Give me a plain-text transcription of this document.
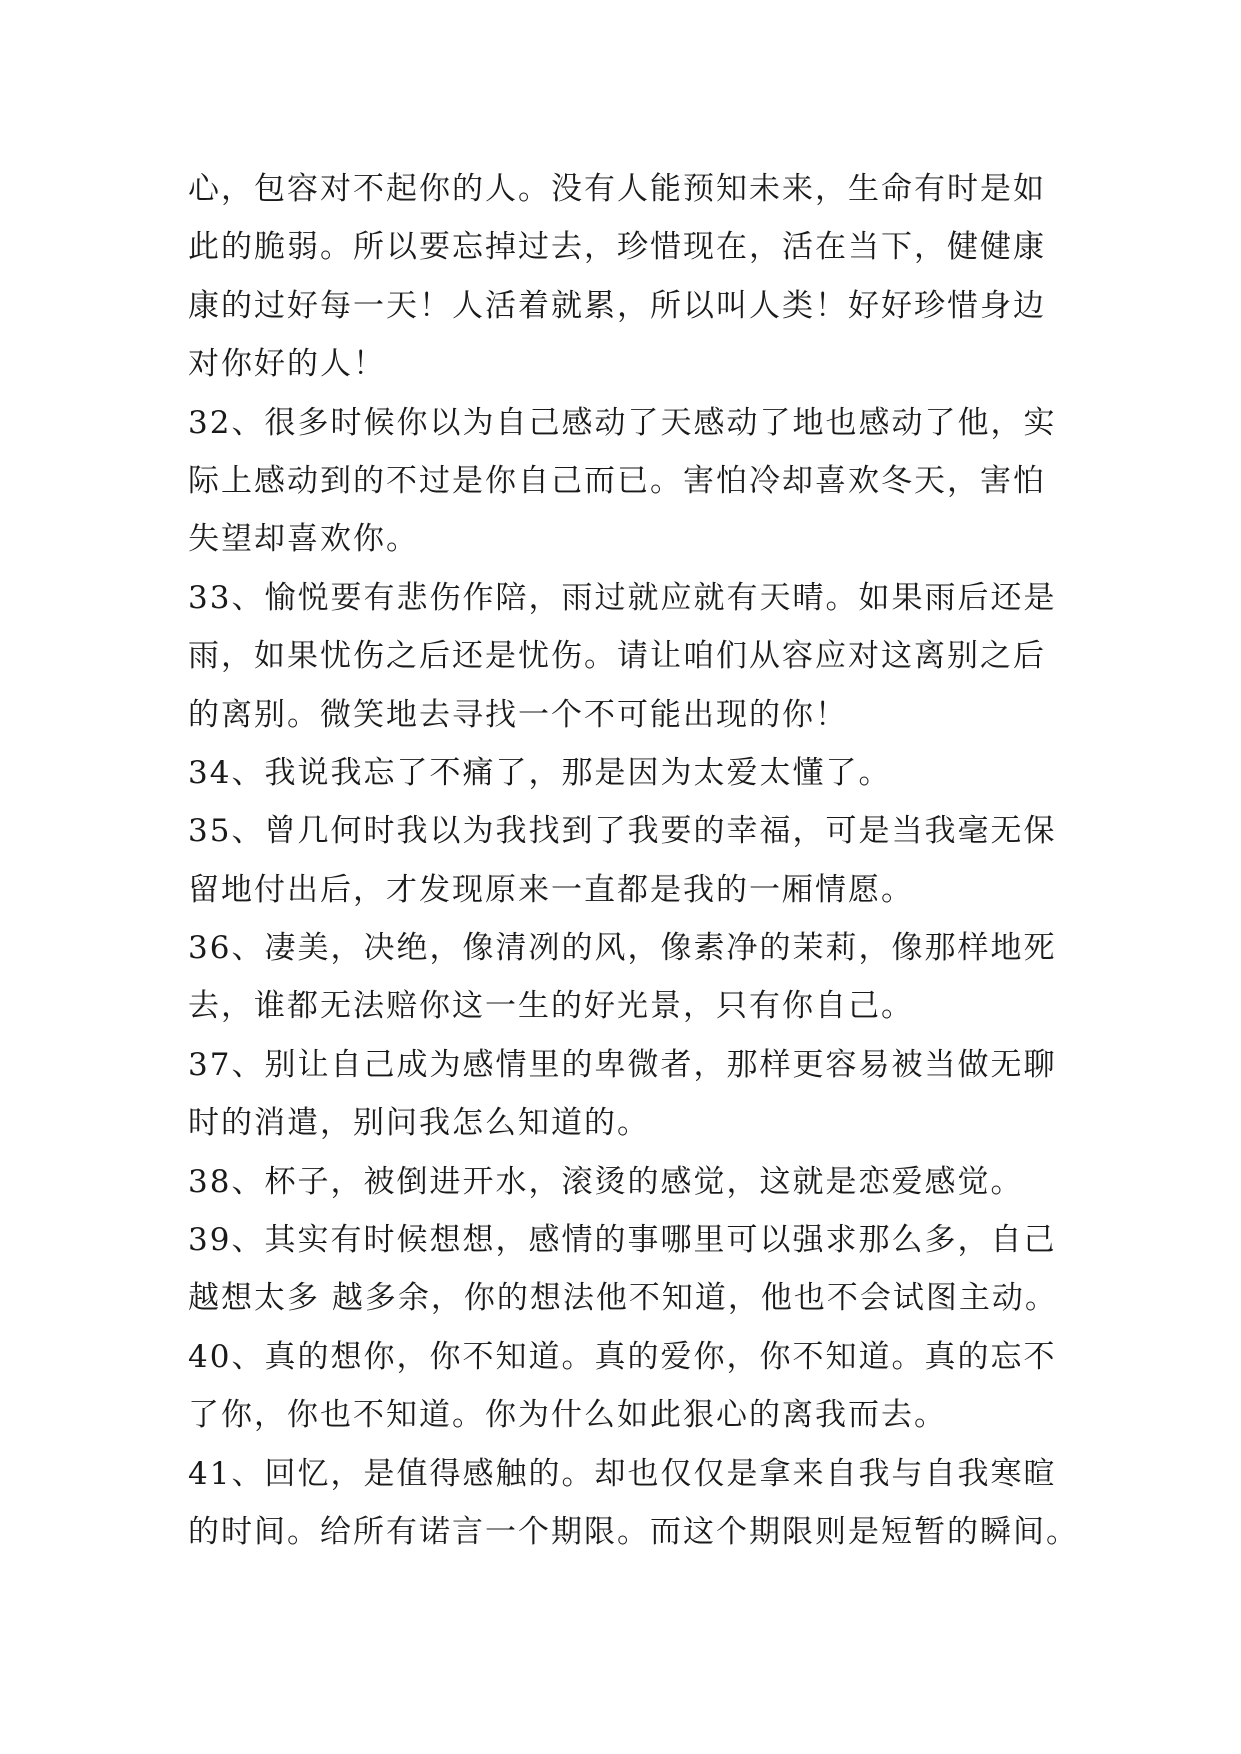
心，包容对不起你的人。没有人能预知未来，生命有时是如
此的脆弱。所以要忘掉过去，珍惜现在，活在当下，健健康
康的过好每一天！人活着就累，所以叫人类！好好珍惜身边
对你好的人！
32、很多时候你以为自己感动了天感动了地也感动了他，实
际上感动到的不过是你自己而已。害怕冷却喜欢冬天，害怕
失望却喜欢你。
33、愉悦要有悲伤作陪，雨过就应就有天晴。如果雨后还是
雨，如果忧伤之后还是忧伤。请让咱们从容应对这离别之后
的离别。微笑地去寻找一个不可能出现的你！
34、我说我忘了不痛了，那是因为太爱太懂了。
35、曾几何时我以为我找到了我要的幸福，可是当我毫无保
留地付出后，才发现原来一直都是我的一厢情愿。
36、凄美，决绝，像清冽的风，像素净的茉莉，像那样地死
去，谁都无法赔你这一生的好光景，只有你自己。
37、别让自己成为感情里的卑微者，那样更容易被当做无聊
时的消遣，别问我怎么知道的。
38、杯子，被倒进开水，滚烫的感觉，这就是恋爱感觉。
39、其实有时候想想，感情的事哪里可以强求那么多，自己
越想太多 越多余，你的想法他不知道，他也不会试图主动。
40、真的想你，你不知道。真的爱你，你不知道。真的忘不
了你，你也不知道。你为什么如此狠心的离我而去。
41、回忆，是值得感触的。却也仅仅是拿来自我与自我寒暄
的时间。给所有诺言一个期限。而这个期限则是短暂的瞬间。
